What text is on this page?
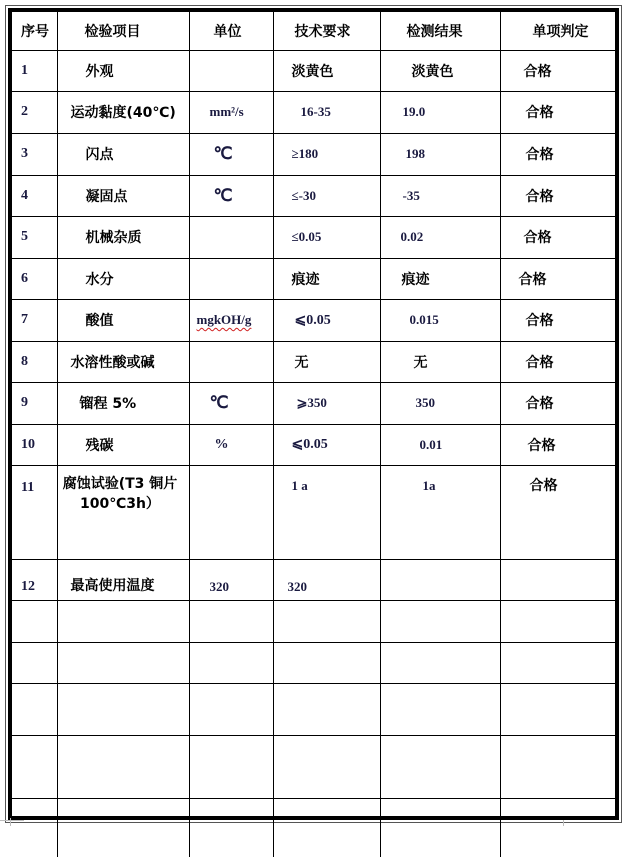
序号	检验项目	单位	技术要求	检测结果	单项判定
1	外观		淡黄色	淡黄色	合格
2	运动黏度(40℃)	mm²/s	16-35	19.0	合格
3	闪点	℃	≥180	198	合格
4	凝固点	℃	≤-30	-35	合格
5	机械杂质		≤0.05	0.02	合格
6	水分		痕迹	痕迹	合格
7	酸值	mgkOH/g	⩽0.05	0.015	合格
8	水溶性酸或碱		无	无	合格
9	镏程 5%	℃	⩾350	350	合格
10	残碳	%	⩽0.05	0.01	合格
11	腐蚀试验(T3 铜片 100℃3h）		1 a	1a	合格
12	最高使用温度	320	320		
